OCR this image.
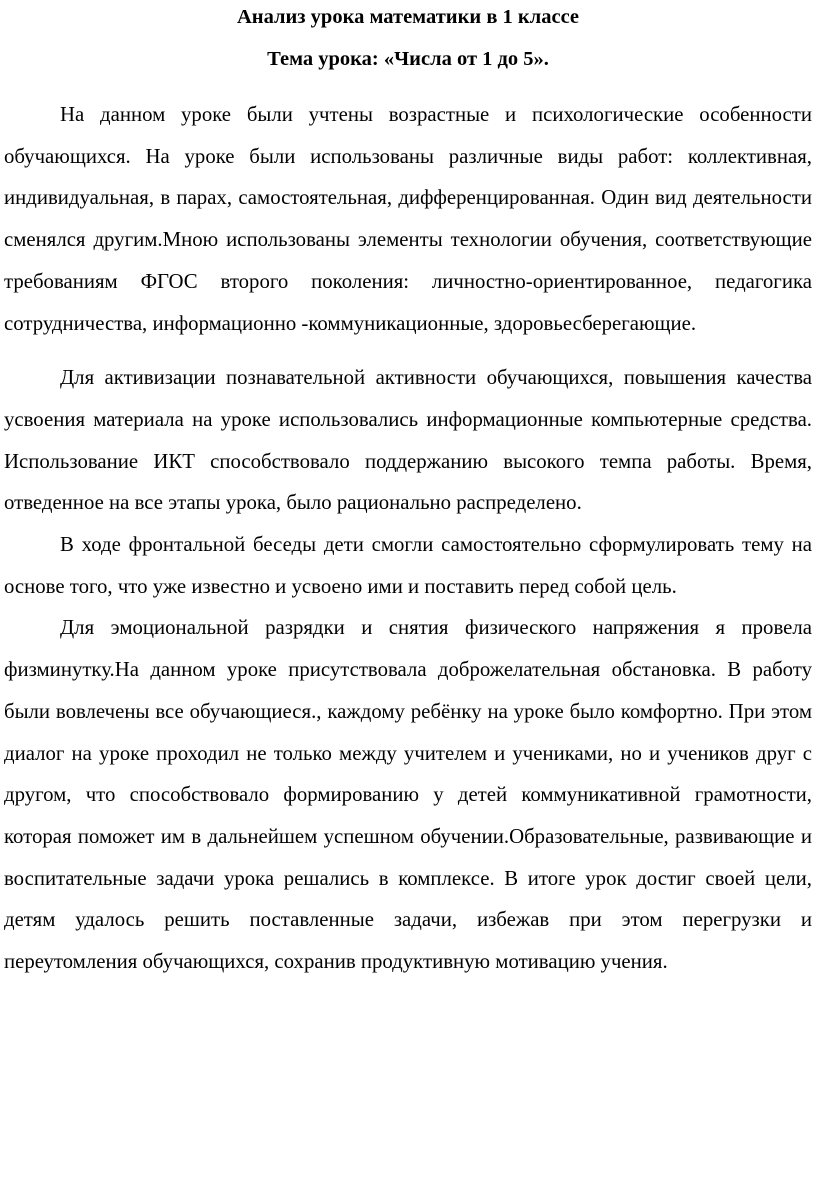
Анализ урока математики в 1 классе
Тема урока: «Числа от 1 до 5».

На данном уроке были учтены возрастные и психологические особенности обучающихся. На уроке были использованы различные виды работ: коллективная, индивидуальная, в парах, самостоятельная, дифференцированная. Один вид деятельности сменялся другим.Мною использованы элементы технологии обучения, соответствующие требованиям ФГОС второго поколения: личностно-ориентированное, педагогика сотрудничества, информационно -коммуникационные, здоровьесберегающие.

Для активизации познавательной активности обучающихся, повышения качества усвоения материала на уроке использовались информационные компьютерные средства. Использование ИКТ способствовало поддержанию высокого темпа работы. Время, отведенное на все этапы урока, было рационально распределено.

В ходе фронтальной беседы дети смогли самостоятельно сформулировать тему на основе того, что уже известно и усвоено ими и поставить перед собой цель.

Для эмоциональной разрядки и снятия физического напряжения я провела физминутку.На данном уроке присутствовала доброжелательная обстановка. В работу были вовлечены все обучающиеся., каждому ребёнку на уроке было комфортно. При этом диалог на уроке проходил не только между учителем и учениками, но и учеников друг с другом, что способствовало формированию у детей коммуникативной грамотности, которая поможет им в дальнейшем успешном обучении.Образовательные, развивающие и воспитательные задачи урока решались в комплексе. В итоге урок достиг своей цели, детям удалось решить поставленные задачи, избежав при этом перегрузки и переутомления обучающихся, сохранив продуктивную мотивацию учения.
